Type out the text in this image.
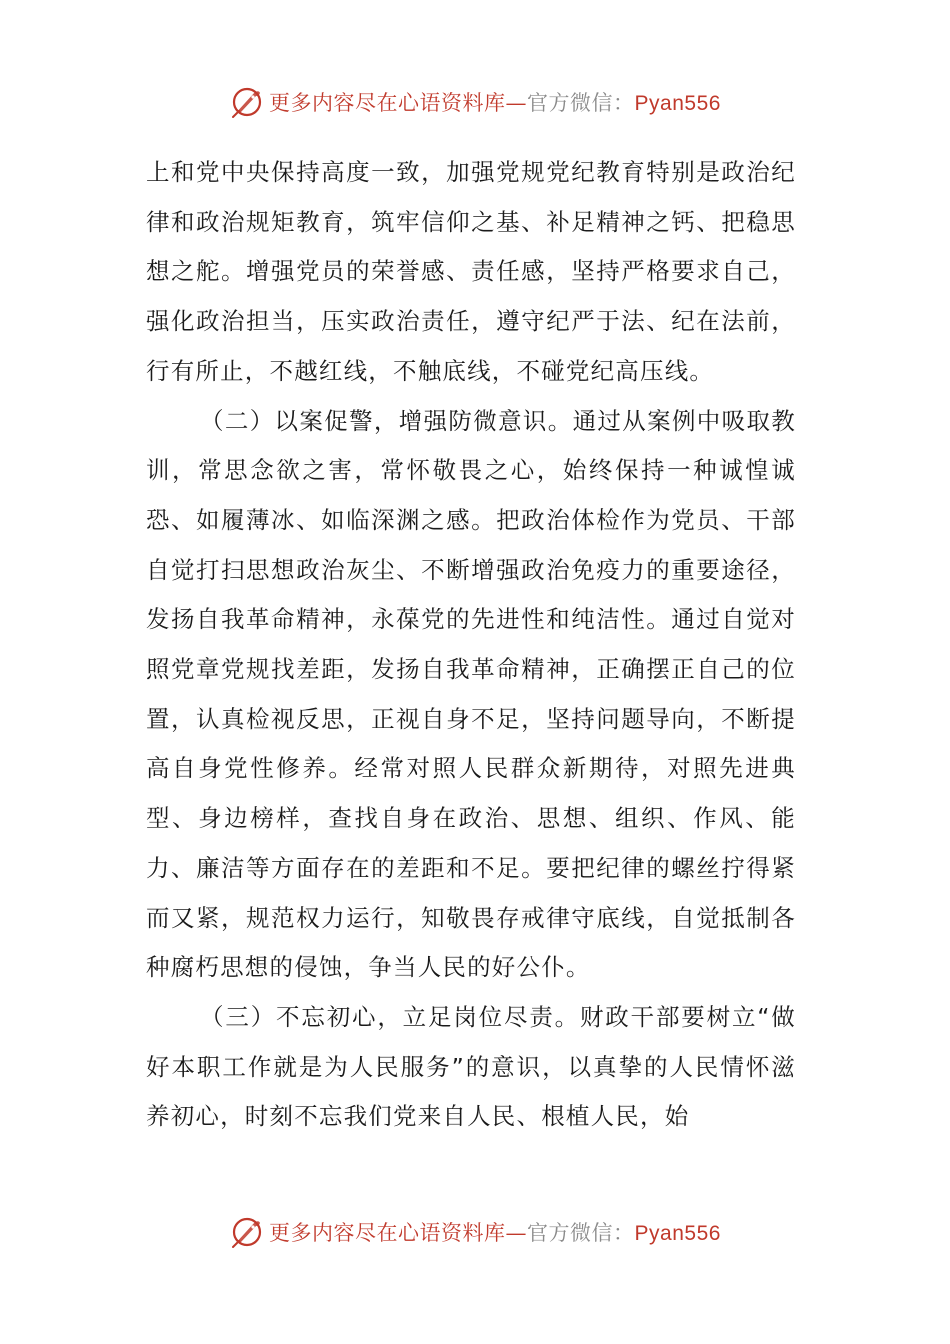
更多内容尽在心语资料库—官方微信：Pyan556

上和党中央保持高度一致，加强党规党纪教育特别是政治纪律和政治规矩教育，筑牢信仰之基、补足精神之钙、把稳思想之舵。增强党员的荣誉感、责任感，坚持严格要求自己，强化政治担当，压实政治责任，遵守纪严于法、纪在法前，行有所止，不越红线，不触底线，不碰党纪高压线。

（二）以案促警，增强防微意识。通过从案例中吸取教训，常思念欲之害，常怀敬畏之心，始终保持一种诚惶诚恐、如履薄冰、如临深渊之感。把政治体检作为党员、干部自觉打扫思想政治灰尘、不断增强政治免疫力的重要途径，发扬自我革命精神，永葆党的先进性和纯洁性。通过自觉对照党章党规找差距，发扬自我革命精神，正确摆正自己的位置，认真检视反思，正视自身不足，坚持问题导向，不断提高自身党性修养。经常对照人民群众新期待，对照先进典型、身边榜样，查找自身在政治、思想、组织、作风、能力、廉洁等方面存在的差距和不足。要把纪律的螺丝拧得紧而又紧，规范权力运行，知敬畏存戒律守底线，自觉抵制各种腐朽思想的侵蚀，争当人民的好公仆。

（三）不忘初心，立足岗位尽责。财政干部要树立“做好本职工作就是为人民服务”的意识，以真挚的人民情怀滋养初心，时刻不忘我们党来自人民、根植人民，始

更多内容尽在心语资料库—官方微信：Pyan556
